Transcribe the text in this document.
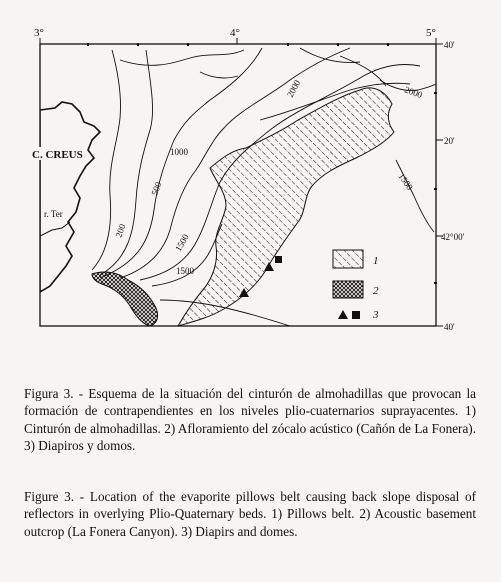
3°	4°	5°
40'
20'
42°00'
40'
C. CREUS
r. Ter
200
500
1000
1500
1500
2000
1500
2000
1
2
3
Figura 3. - Esquema de la situación del cinturón de almohadillas que provocan la formación de contrapendientes en los niveles plio-cuaternarios suprayacentes. 1) Cinturón de almohadillas. 2) Afloramiento del zócalo acústico (Cañón de La Fonera). 3) Diapiros y domos.
Figure 3. - Location of the evaporite pillows belt causing back slope disposal of reflectors in overlying Plio-Quaternary beds. 1) Pillows belt. 2) Acoustic basement outcrop (La Fonera Canyon). 3) Diapirs and domes.
